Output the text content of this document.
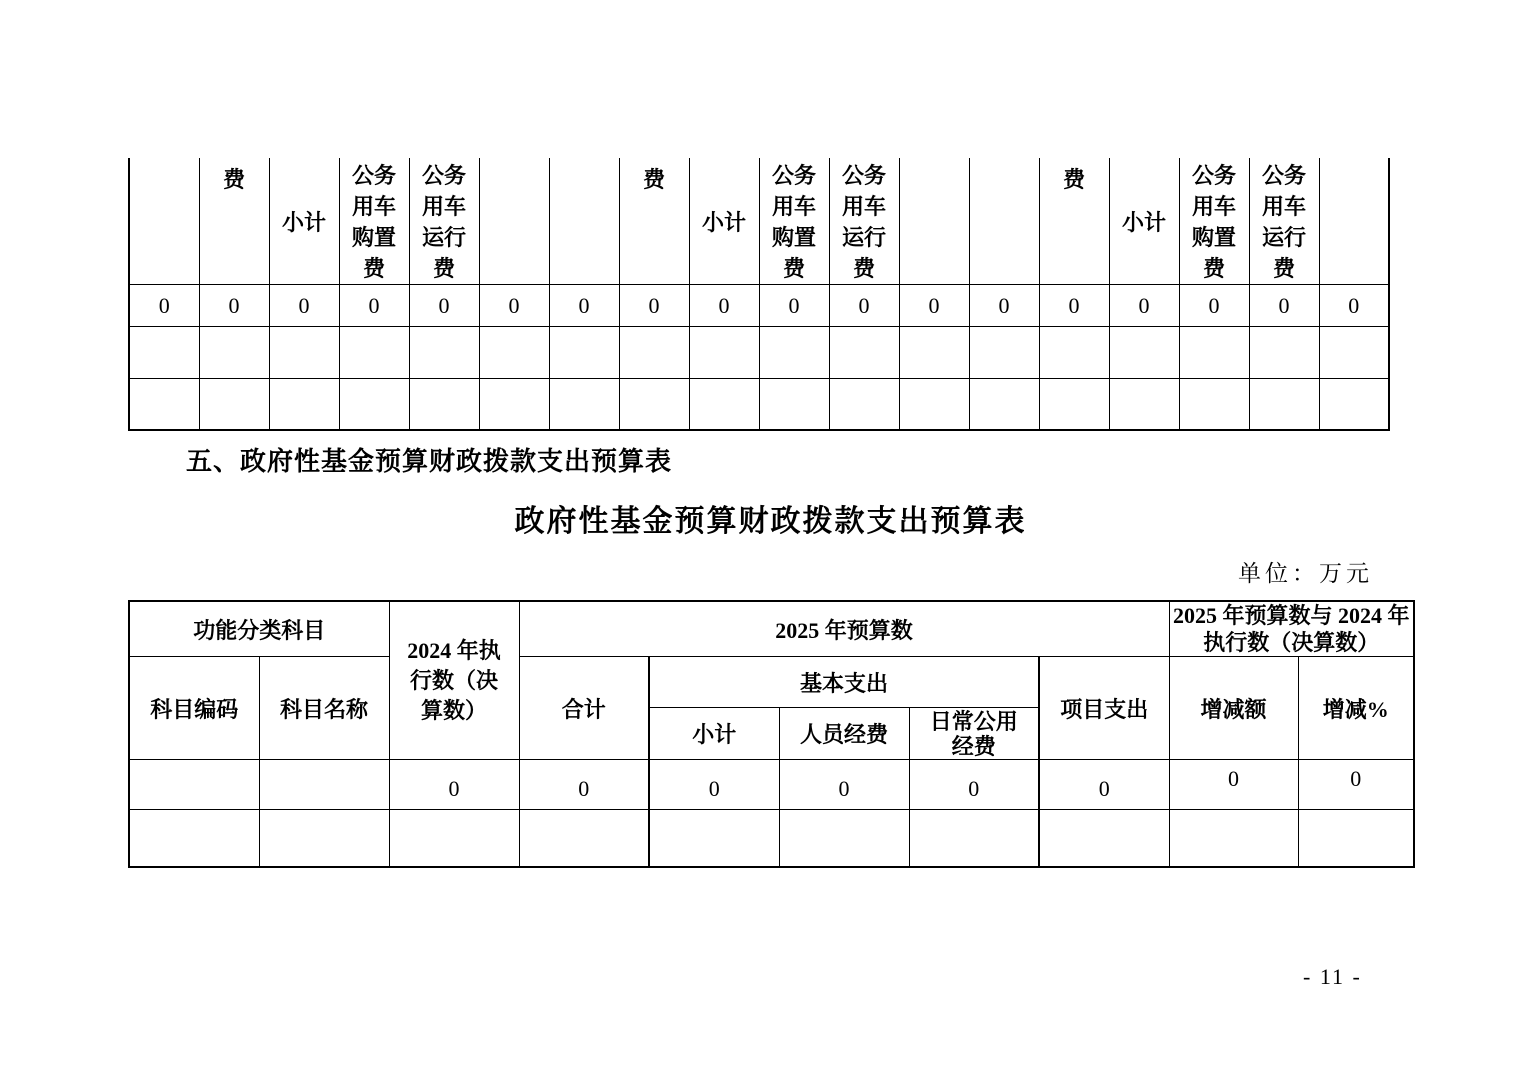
	费	小计	公务用车购置费	公务用车运行费			费	小计	公务用车购置费	公务用车运行费			费	小计	公务用车购置费	公务用车运行费	
0	0	0	0	0	0	0	0	0	0	0	0	0	0	0	0	0	0

五、政府性基金预算财政拨款支出预算表
政府性基金预算财政拨款支出预算表
单位：万元
功能分类科目		2024 年执行数（决算数）	2025 年预算数					2025 年预算数与 2024 年执行数（决算数）	
科目编码	科目名称		合计	基本支出			项目支出	增减额	增减%
				小计	人员经费	日常公用经费			
		0	0	0	0	0	0	0	0

- 11 -
